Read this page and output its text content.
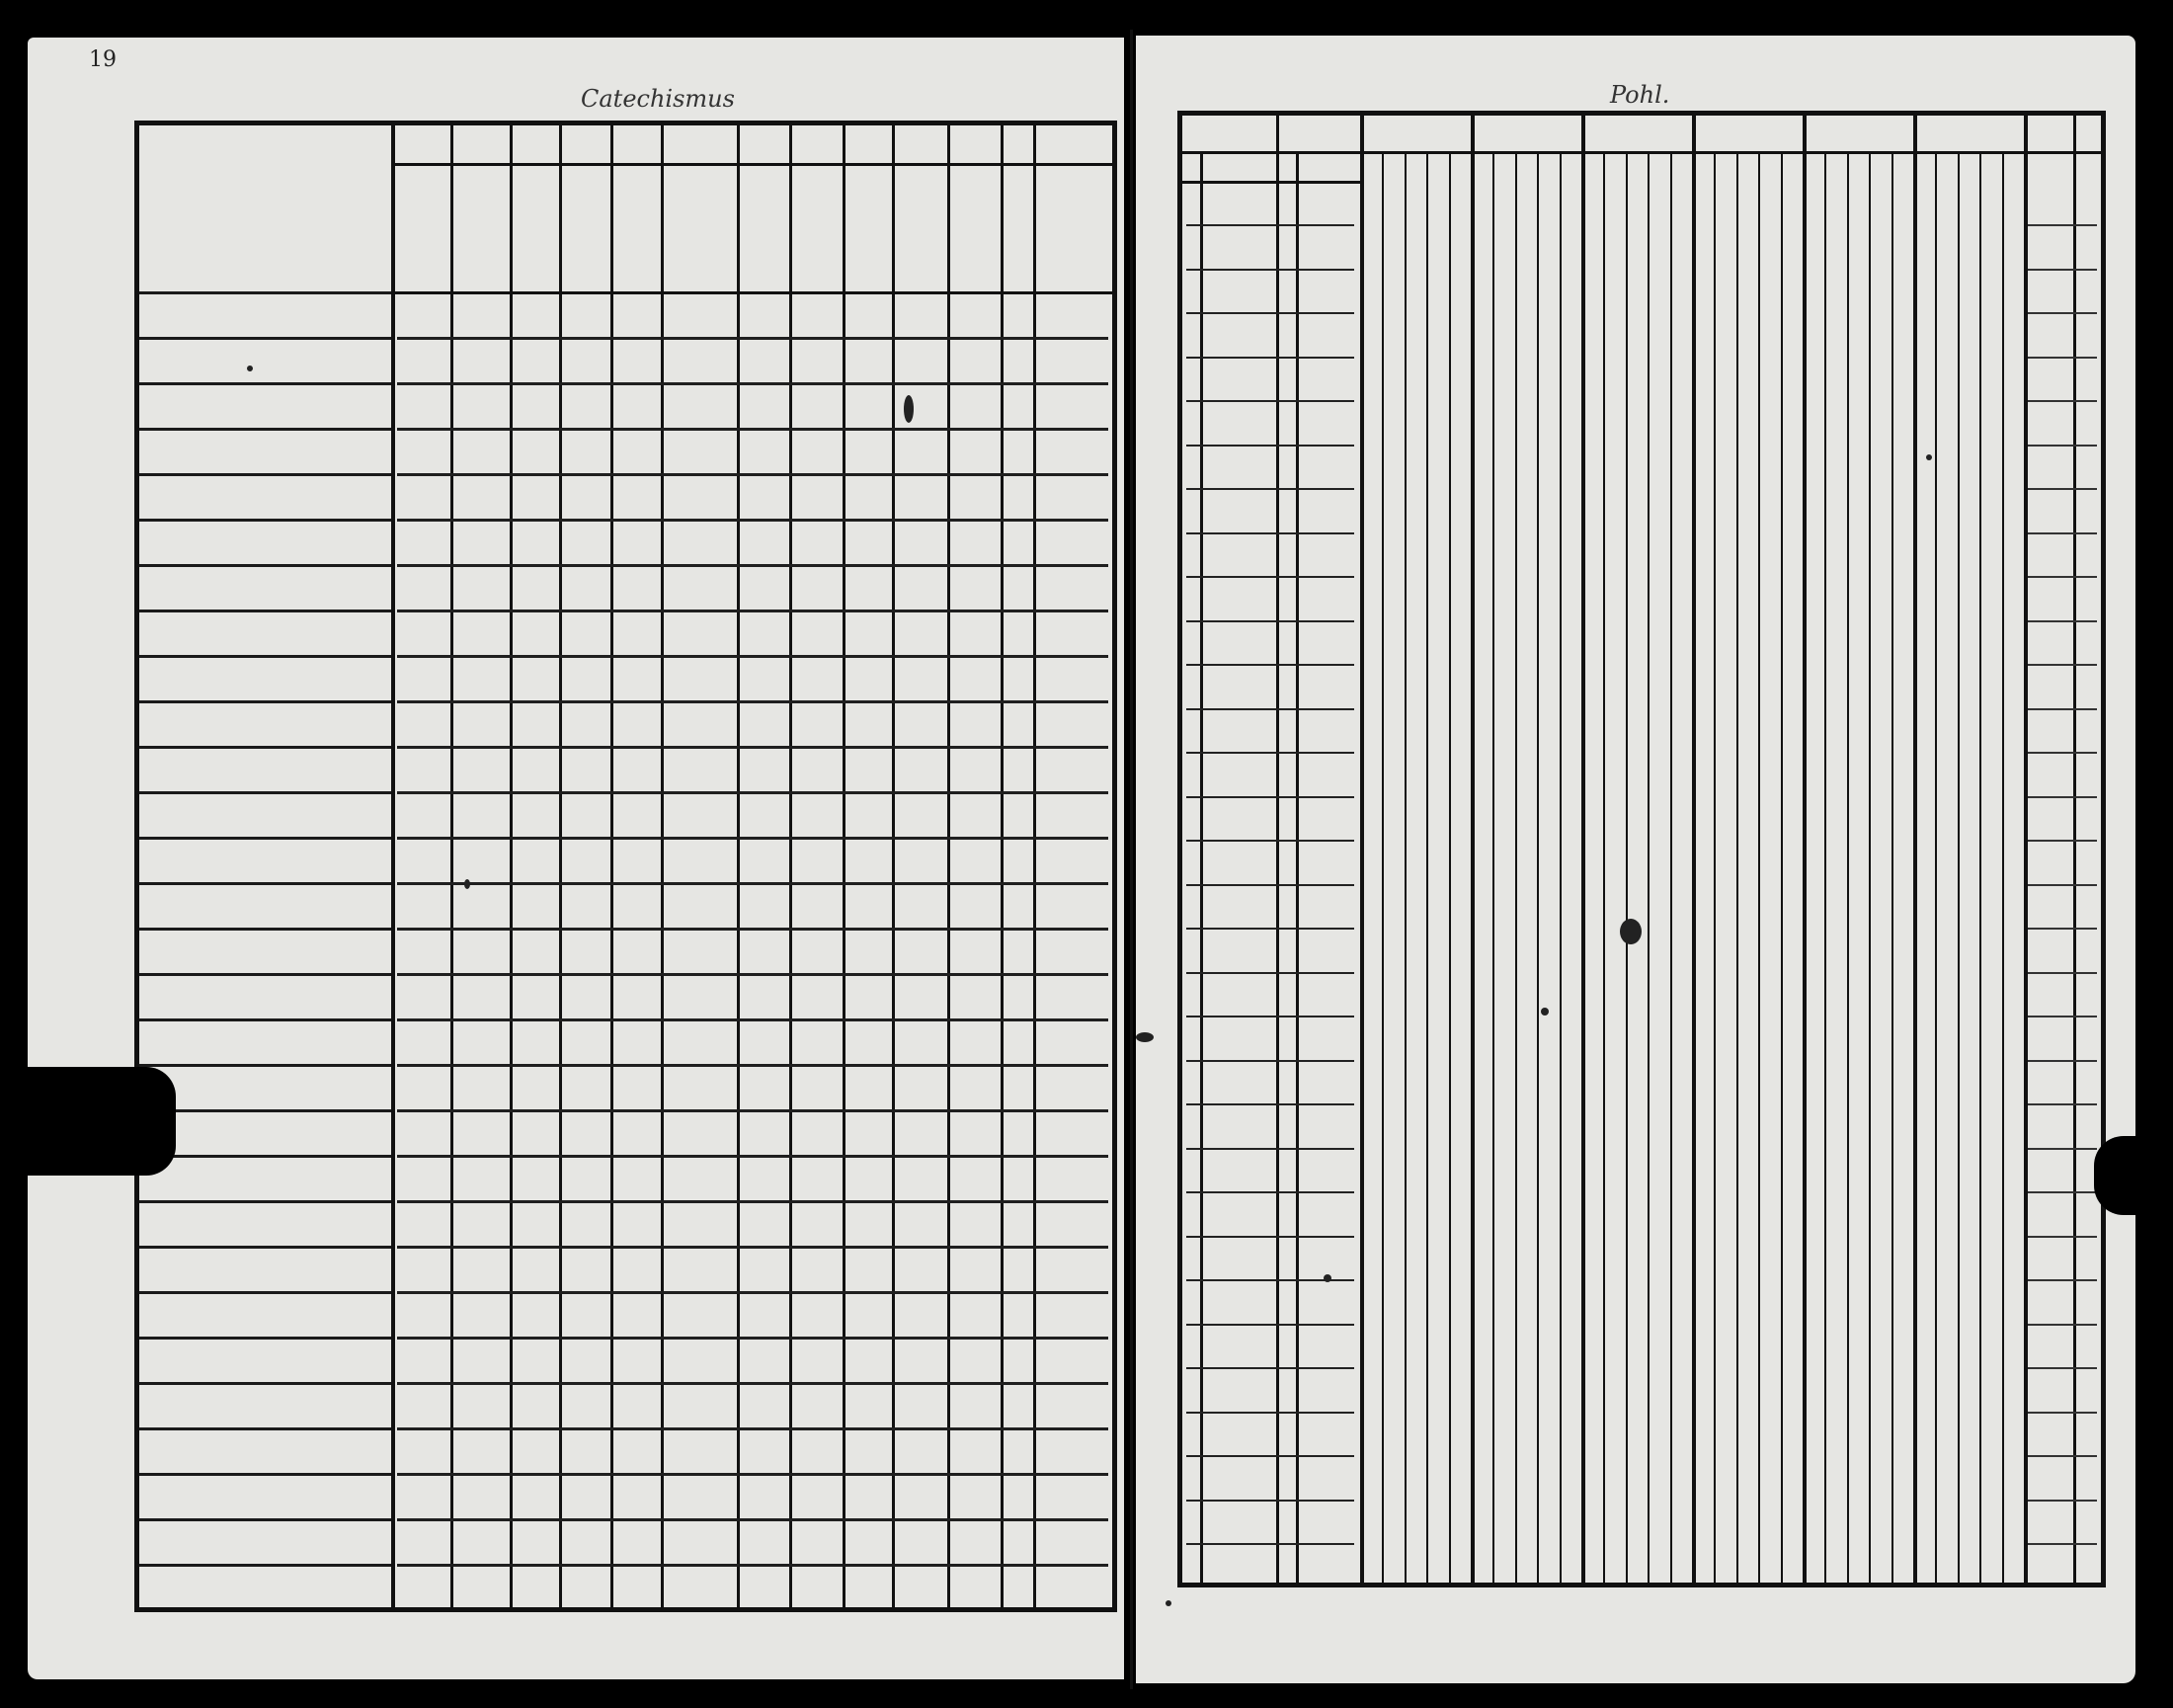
19
Catechismus	Pohl.
